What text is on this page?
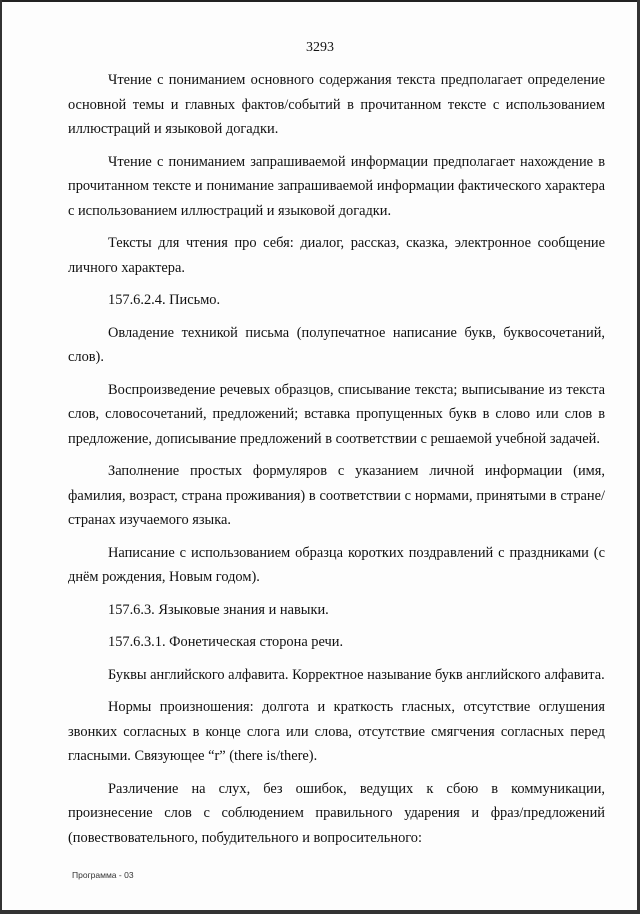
3293

Чтение с пониманием основного содержания текста предполагает определение основной темы и главных фактов/событий в прочитанном тексте с использованием иллюстраций и языковой догадки.

Чтение с пониманием запрашиваемой информации предполагает нахождение в прочитанном тексте и понимание запрашиваемой информации фактического характера с использованием иллюстраций и языковой догадки.

Тексты для чтения про себя: диалог, рассказ, сказка, электронное сообщение личного характера.

157.6.2.4. Письмо.

Овладение техникой письма (полупечатное написание букв, буквосочетаний, слов).

Воспроизведение речевых образцов, списывание текста; выписывание из текста слов, словосочетаний, предложений; вставка пропущенных букв в слово или слов в предложение, дописывание предложений в соответствии с решаемой учебной задачей.

Заполнение простых формуляров с указанием личной информации (имя, фамилия, возраст, страна проживания) в соответствии с нормами, принятыми в стране/странах изучаемого языка.

Написание с использованием образца коротких поздравлений с праздниками (с днём рождения, Новым годом).

157.6.3. Языковые знания и навыки.

157.6.3.1. Фонетическая сторона речи.

Буквы английского алфавита. Корректное называние букв английского алфавита.

Нормы произношения: долгота и краткость гласных, отсутствие оглушения звонких согласных в конце слога или слова, отсутствие смягчения согласных перед гласными. Связующее “r” (there is/there).

Различение на слух, без ошибок, ведущих к сбою в коммуникации, произнесение слов с соблюдением правильного ударения и фраз/предложений (повествовательного, побудительного и вопросительного:

Программа - 03
